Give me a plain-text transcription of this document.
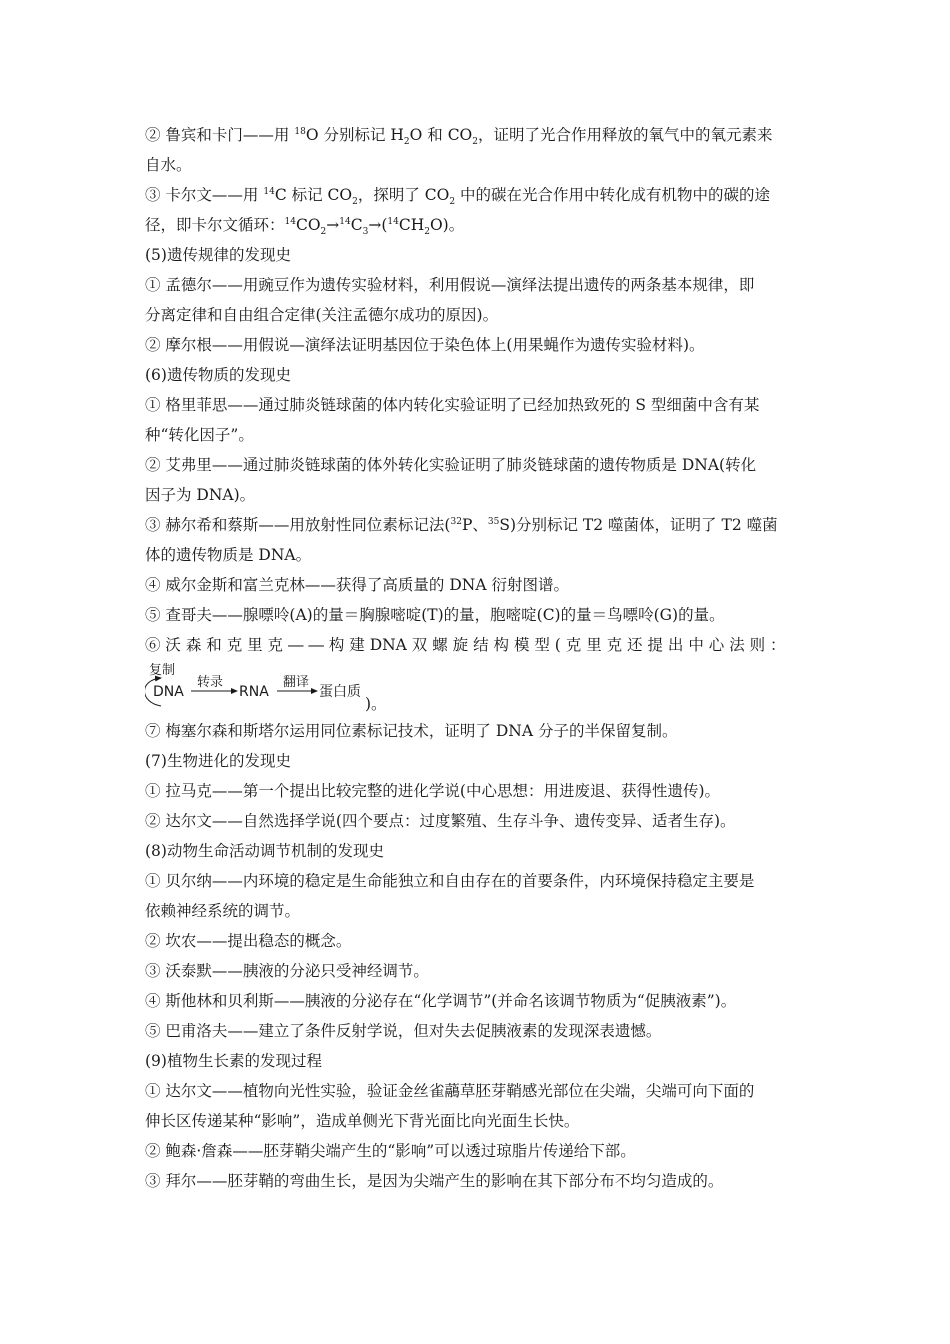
② 鲁宾和卡门——用 $^{18}$O 分别标记 $H_2O$ 和 $CO_2$，证明了光合作用释放的氧气中的氧元素来

自水。

③ 卡尔文——用 $^{14}$C 标记 $CO_2$，探明了 $CO_2$ 中的碳在光合作用中转化成有机物中的碳的途

径，即卡尔文循环：$^{14}CO_2\to^{14}C_3\to(^{14}CH_2O)$。

(5)遗传规律的发现史

① 孟德尔——用豌豆作为遗传实验材料，利用假说—演绎法提出遗传的两条基本规律，即

分离定律和自由组合定律(关注孟德尔成功的原因)。

② 摩尔根——用假说—演绎法证明基因位于染色体上(用果蝇作为遗传实验材料)。

(6)遗传物质的发现史

① 格里菲思——通过肺炎链球菌的体内转化实验证明了已经加热致死的 S 型细菌中含有某

种“转化因子”。

② 艾弗里——通过肺炎链球菌的体外转化实验证明了肺炎链球菌的遗传物质是 DNA(转化

因子为 DNA)。

③ 赫尔希和蔡斯——用放射性同位素标记法($^{32}$P、$^{35}$S)分别标记 T2 噬菌体，证明了 T2 噬菌

体的遗传物质是 DNA。

④ 威尔金斯和富兰克林——获得了高质量的 DNA 衍射图谱。

⑤ 查哥夫——腺嘌呤(A)的量＝胸腺嘧啶(T)的量，胞嘧啶(C)的量＝鸟嘌呤(G)的量。

⑥ 沃 森 和 克 里 克 ― ― 构 建 DNA 双 螺 旋 结 构 模 型 ( 克 里 克 还 提 出 中 心 法 则 ：

复制
DNA
转录
RNA
翻译
蛋白质
)。

⑦ 梅塞尔森和斯塔尔运用同位素标记技术，证明了 DNA 分子的半保留复制。

(7)生物进化的发现史

① 拉马克——第一个提出比较完整的进化学说(中心思想：用进废退、获得性遗传)。

② 达尔文——自然选择学说(四个要点：过度繁殖、生存斗争、遗传变异、适者生存)。

(8)动物生命活动调节机制的发现史

① 贝尔纳——内环境的稳定是生命能独立和自由存在的首要条件，内环境保持稳定主要是

依赖神经系统的调节。

② 坎农——提出稳态的概念。

③ 沃泰默——胰液的分泌只受神经调节。

④ 斯他林和贝利斯——胰液的分泌存在“化学调节”(并命名该调节物质为“促胰液素”)。

⑤ 巴甫洛夫——建立了条件反射学说，但对失去促胰液素的发现深表遗憾。

(9)植物生长素的发现过程

① 达尔文——植物向光性实验，验证金丝雀虉草胚芽鞘感光部位在尖端，尖端可向下面的

伸长区传递某种“影响”，造成单侧光下背光面比向光面生长快。

② 鲍森·詹森——胚芽鞘尖端产生的“影响”可以透过琼脂片传递给下部。

③ 拜尔——胚芽鞘的弯曲生长，是因为尖端产生的影响在其下部分布不均匀造成的。
